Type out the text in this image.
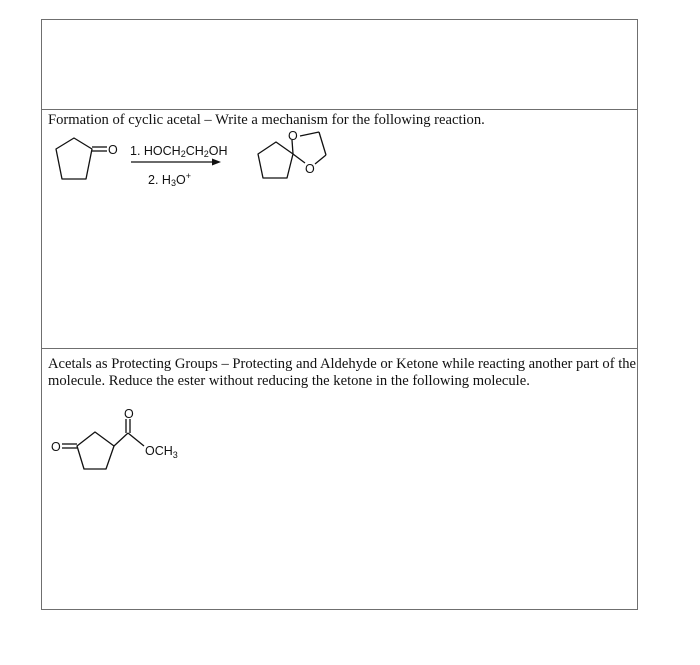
Formation of cyclic acetal – Write a mechanism for the following reaction.
O 1. $HOCH_2CH_2OH$
2. $H_3O^+$
O
O
Acetals as Protecting Groups – Protecting and Aldehyde or Ketone while reacting another part of the molecule. Reduce the ester without reducing the ketone in the following molecule.
O
O
$OCH_3$
